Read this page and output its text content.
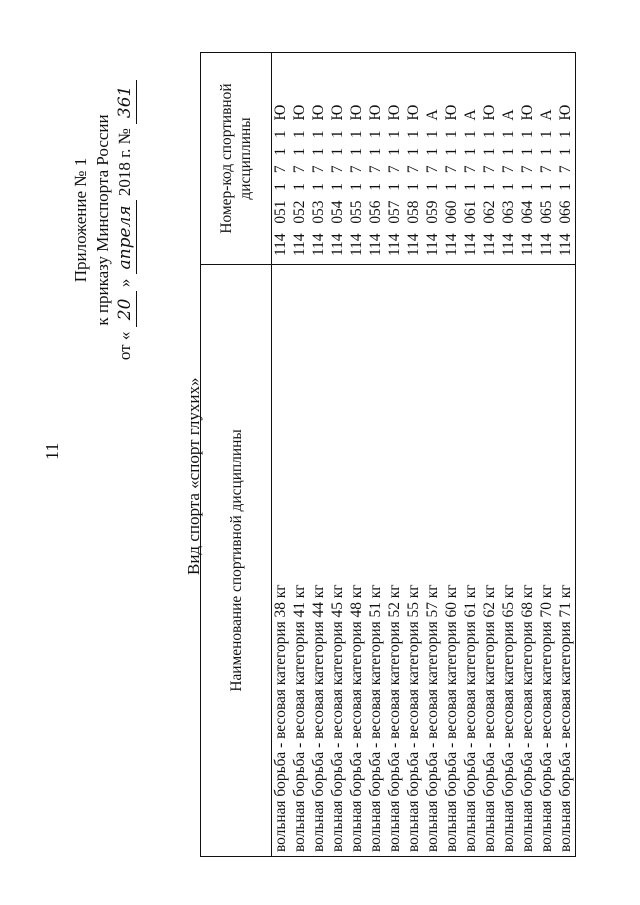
11
Приложение № 1 к приказу Минспорта России
от « 20 » апреля 2018 г. № 361
Вид спорта «спорт глухих» Наименование спортивной дисциплины	Номер-код спортивной дисциплины
вольная борьба - весовая категория 38 кг	114 051 1 7 1 1 Ю
вольная борьба - весовая категория 41 кг	114 052 1 7 1 1 Ю
вольная борьба - весовая категория 44 кг	114 053 1 7 1 1 Ю
вольная борьба - весовая категория 45 кг	114 054 1 7 1 1 Ю
вольная борьба - весовая категория 48 кг	114 055 1 7 1 1 Ю
вольная борьба - весовая категория 51 кг	114 056 1 7 1 1 Ю
вольная борьба - весовая категория 52 кг	114 057 1 7 1 1 Ю
вольная борьба - весовая категория 55 кг	114 058 1 7 1 1 Ю
вольная борьба - весовая категория 57 кг	114 059 1 7 1 1 А
вольная борьба - весовая категория 60 кг	114 060 1 7 1 1 Ю
вольная борьба - весовая категория 61 кг	114 061 1 7 1 1 А
вольная борьба - весовая категория 62 кг	114 062 1 7 1 1 Ю
вольная борьба - весовая категория 65 кг	114 063 1 7 1 1 А
вольная борьба - весовая категория 68 кг	114 064 1 7 1 1 Ю
вольная борьба - весовая категория 70 кг	114 065 1 7 1 1 А
вольная борьба - весовая категория 71 кг	114 066 1 7 1 1 Ю
